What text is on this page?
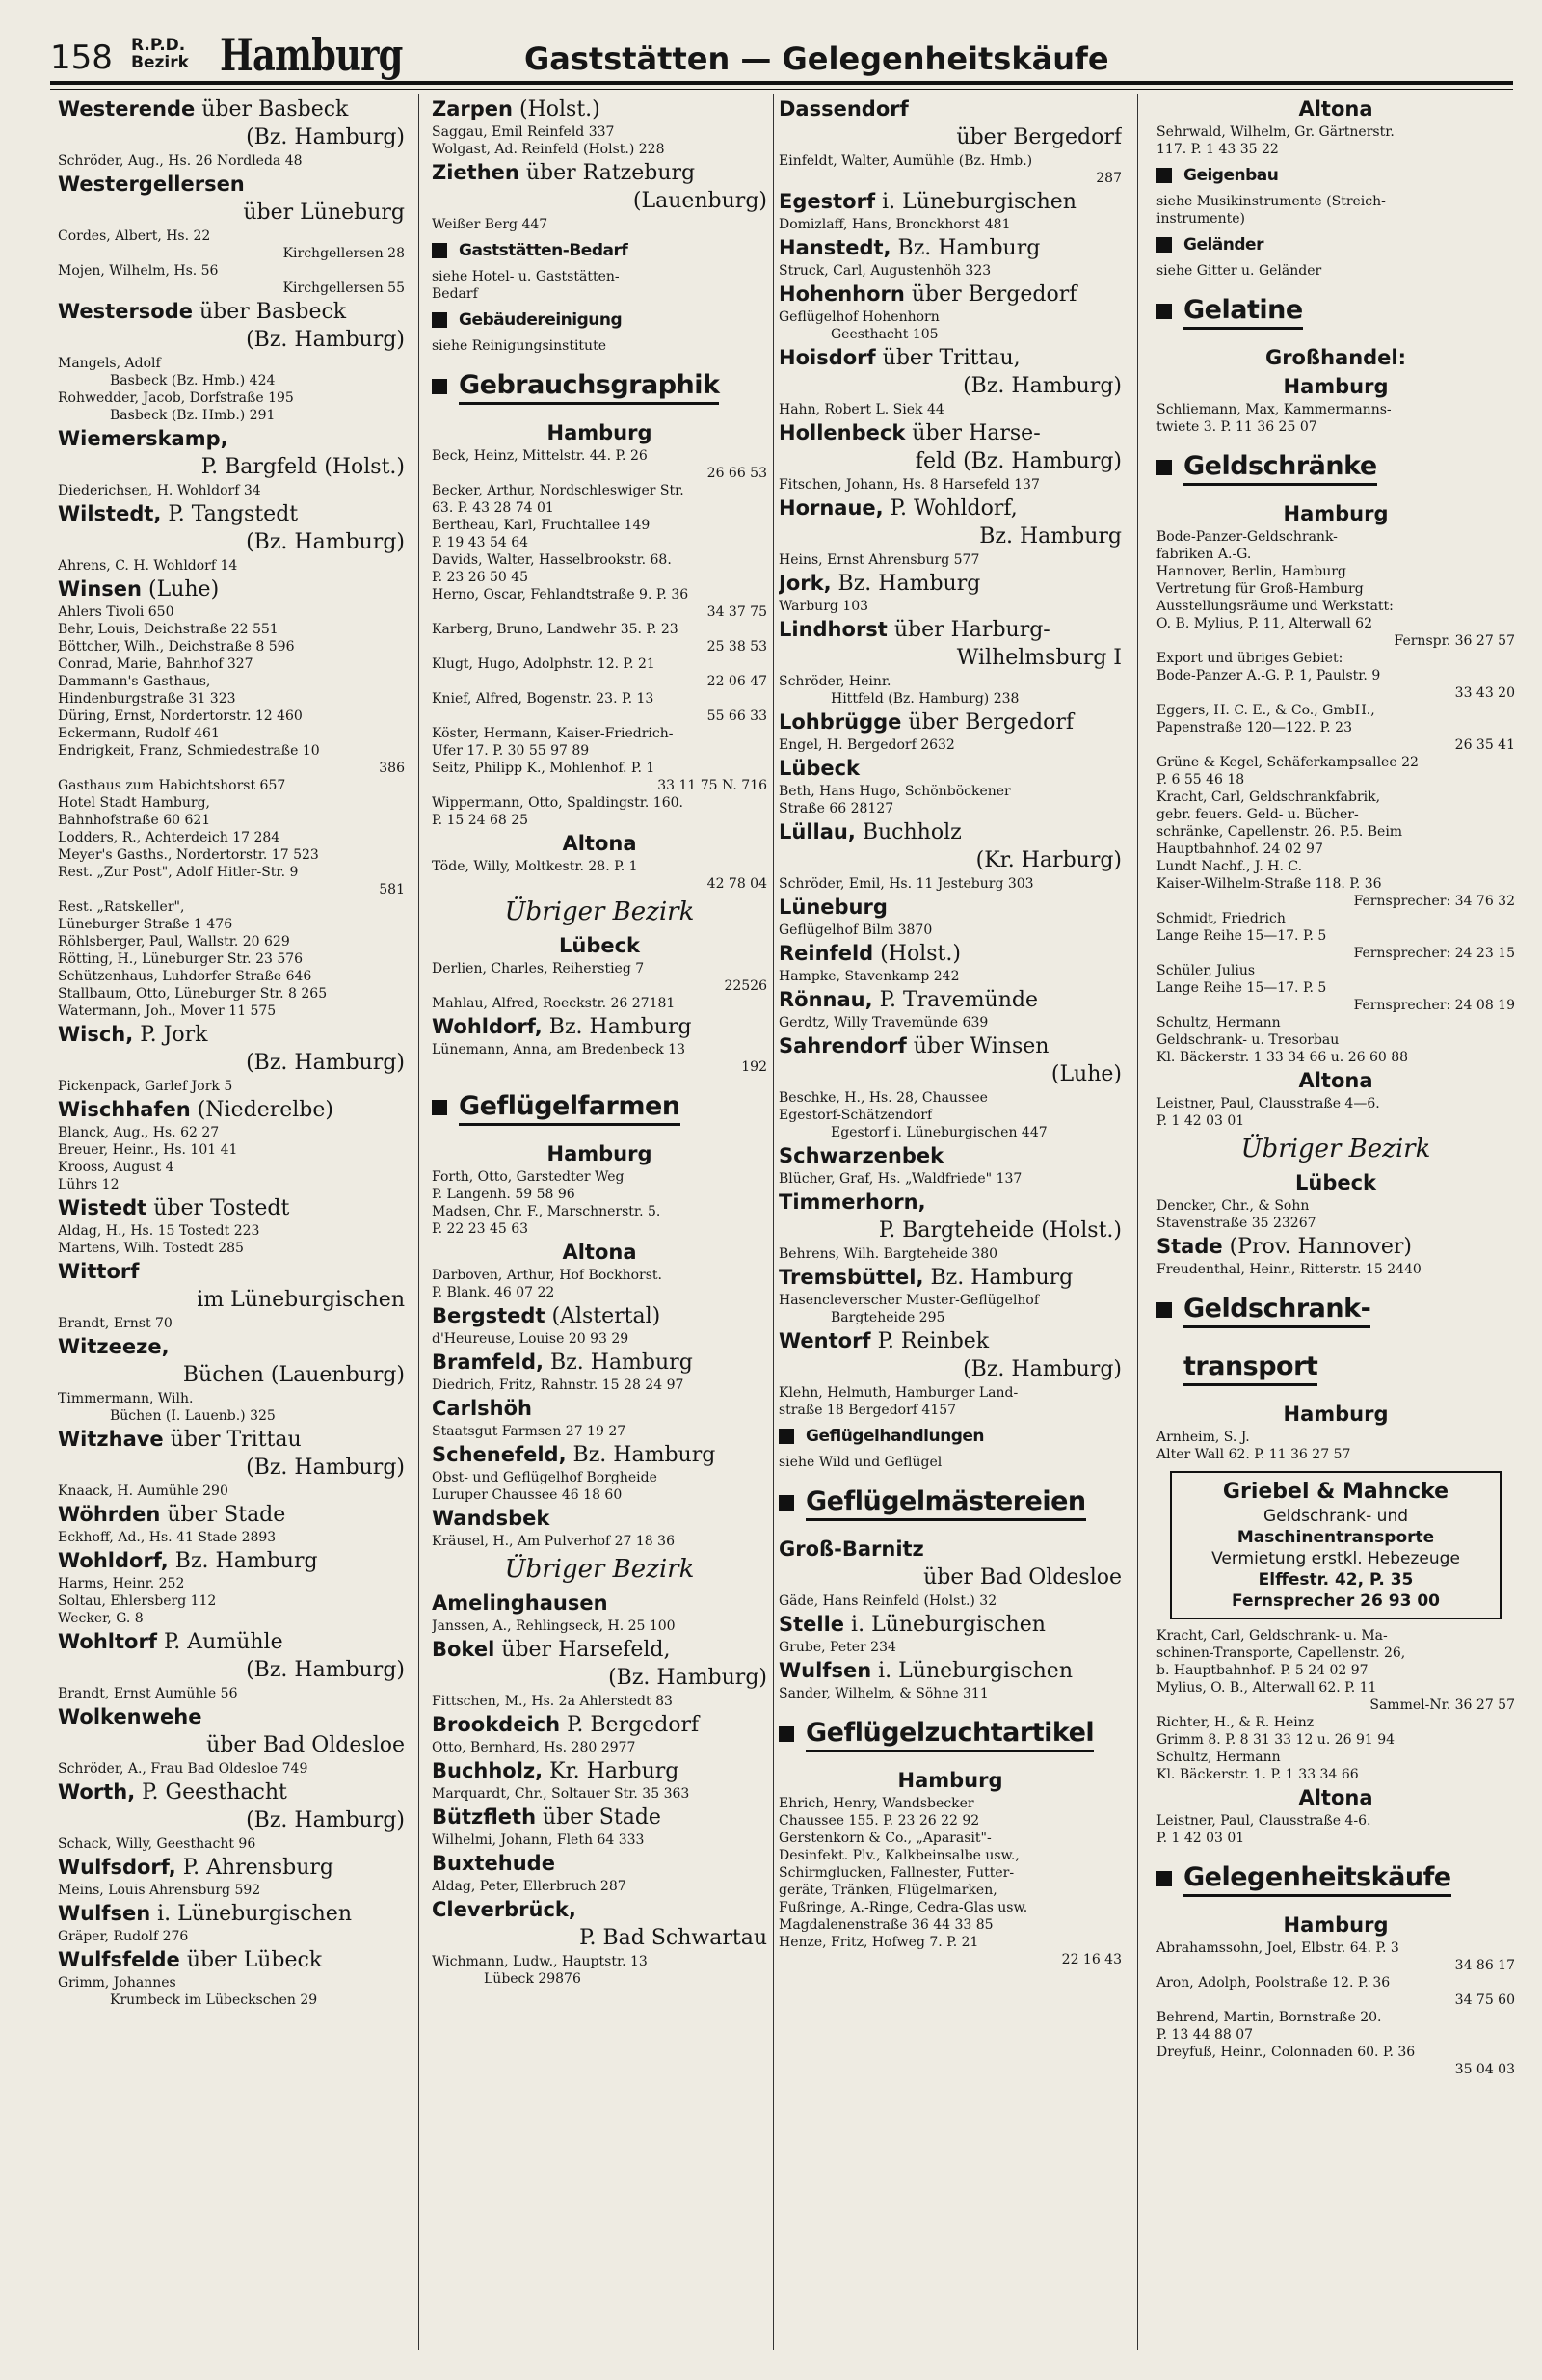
158 R.P.D.
Bezirk Hamburg	Gaststätten — Gelegenheitskäufe
Westerende über Basbeck
(Bz. Hamburg)
Schröder, Aug., Hs. 26 Nordleda 48
Westergellersen
über Lüneburg
Cordes, Albert, Hs. 22
Kirchgellersen 28
Mojen, Wilhelm, Hs. 56
Kirchgellersen 55
Westersode über Basbeck
(Bz. Hamburg)
Mangels, Adolf
Basbeck (Bz. Hmb.) 424
Rohwedder, Jacob, Dorfstraße 195
Basbeck (Bz. Hmb.) 291
Wiemerskamp,
P. Bargfeld (Holst.)
Diederichsen, H. Wohldorf 34
Wilstedt, P. Tangstedt
(Bz. Hamburg)
Ahrens, C. H. Wohldorf 14
Winsen (Luhe)
Ahlers Tivoli 650
Behr, Louis, Deichstraße 22 551
Böttcher, Wilh., Deichstraße 8 596
Conrad, Marie, Bahnhof 327
Dammann's Gasthaus,
Hindenburgstraße 31 323
Düring, Ernst, Nordertorstr. 12 460
Eckermann, Rudolf 461
Endrigkeit, Franz, Schmiedestraße 10
386
Gasthaus zum Habichtshorst 657
Hotel Stadt Hamburg,
Bahnhofstraße 60 621
Lodders, R., Achterdeich 17 284
Meyer's Gasths., Nordertorstr. 17 523
Rest. „Zur Post", Adolf Hitler-Str. 9
581
Rest. „Ratskeller",
Lüneburger Straße 1 476
Röhlsberger, Paul, Wallstr. 20 629
Rötting, H., Lüneburger Str. 23 576
Schützenhaus, Luhdorfer Straße 646
Stallbaum, Otto, Lüneburger Str. 8 265
Watermann, Joh., Mover 11 575
Wisch, P. Jork
(Bz. Hamburg)
Pickenpack, Garlef Jork 5
Wischhafen (Niederelbe)
Blanck, Aug., Hs. 62 27
Breuer, Heinr., Hs. 101 41
Krooss, August 4
Lührs 12
Wistedt über Tostedt
Aldag, H., Hs. 15 Tostedt 223
Martens, Wilh. Tostedt 285
Wittorf
im Lüneburgischen
Brandt, Ernst 70
Witzeeze,
Büchen (Lauenburg)
Timmermann, Wilh.
Büchen (I. Lauenb.) 325
Witzhave über Trittau
(Bz. Hamburg)
Knaack, H. Aumühle 290
Wöhrden über Stade
Eckhoff, Ad., Hs. 41 Stade 2893
Wohldorf, Bz. Hamburg
Harms, Heinr. 252
Soltau, Ehlersberg 112
Wecker, G. 8
Wohltorf P. Aumühle
(Bz. Hamburg)
Brandt, Ernst Aumühle 56
Wolkenwehe
über Bad Oldesloe
Schröder, A., Frau Bad Oldesloe 749
Worth, P. Geesthacht
(Bz. Hamburg)
Schack, Willy, Geesthacht 96
Wulfsdorf, P. Ahrensburg
Meins, Louis Ahrensburg 592
Wulfsen i. Lüneburgischen
Gräper, Rudolf 276
Wulfsfelde über Lübeck
Grimm, Johannes
Krumbeck im Lübeckschen 29
Zarpen (Holst.)
Saggau, Emil Reinfeld 337
Wolgast, Ad. Reinfeld (Holst.) 228
Ziethen über Ratzeburg
(Lauenburg)
Weißer Berg 447
Gaststätten-Bedarf
siehe Hotel- u. Gaststätten-
Bedarf
Gebäudereinigung
siehe Reinigungsinstitute
Gebrauchsgraphik
Hamburg
Beck, Heinz, Mittelstr. 44. P. 26
26 66 53
Becker, Arthur, Nordschleswiger Str.
63. P. 43 28 74 01
Bertheau, Karl, Fruchtallee 149
P. 19 43 54 64
Davids, Walter, Hasselbrookstr. 68.
P. 23 26 50 45
Herno, Oscar, Fehlandtstraße 9. P. 36
34 37 75
Karberg, Bruno, Landwehr 35. P. 23
25 38 53
Klugt, Hugo, Adolphstr. 12. P. 21
22 06 47
Knief, Alfred, Bogenstr. 23. P. 13
55 66 33
Köster, Hermann, Kaiser-Friedrich-
Ufer 17. P. 30 55 97 89
Seitz, Philipp K., Mohlenhof. P. 1
33 11 75 N. 716
Wippermann, Otto, Spaldingstr. 160.
P. 15 24 68 25
Altona
Töde, Willy, Moltkestr. 28. P. 1
42 78 04
Übriger Bezirk
Lübeck
Derlien, Charles, Reiherstieg 7
22526
Mahlau, Alfred, Roeckstr. 26 27181
Wohldorf, Bz. Hamburg
Lünemann, Anna, am Bredenbeck 13
192
Geflügelfarmen
Hamburg
Forth, Otto, Garstedter Weg
P. Langenh. 59 58 96
Madsen, Chr. F., Marschnerstr. 5.
P. 22 23 45 63
Altona
Darboven, Arthur, Hof Bockhorst.
P. Blank. 46 07 22
Bergstedt (Alstertal)
d'Heureuse, Louise 20 93 29
Bramfeld, Bz. Hamburg
Diedrich, Fritz, Rahnstr. 15 28 24 97
Carlshöh
Staatsgut Farmsen 27 19 27
Schenefeld, Bz. Hamburg
Obst- und Geflügelhof Borgheide
Luruper Chaussee 46 18 60
Wandsbek
Kräusel, H., Am Pulverhof 27 18 36
Übriger Bezirk
Amelinghausen
Janssen, A., Rehlingseck, H. 25 100
Bokel über Harsefeld,
(Bz. Hamburg)
Fittschen, M., Hs. 2a Ahlerstedt 83
Brookdeich P. Bergedorf
Otto, Bernhard, Hs. 280 2977
Buchholz, Kr. Harburg
Marquardt, Chr., Soltauer Str. 35 363
Bützfleth über Stade
Wilhelmi, Johann, Fleth 64 333
Buxtehude
Aldag, Peter, Ellerbruch 287
Cleverbrück,
P. Bad Schwartau
Wichmann, Ludw., Hauptstr. 13
Lübeck 29876
Dassendorf
über Bergedorf
Einfeldt, Walter, Aumühle (Bz. Hmb.)
287
Egestorf i. Lüneburgischen
Domizlaff, Hans, Bronckhorst 481
Hanstedt, Bz. Hamburg
Struck, Carl, Augustenhöh 323
Hohenhorn über Bergedorf
Geflügelhof Hohenhorn
Geesthacht 105
Hoisdorf über Trittau,
(Bz. Hamburg)
Hahn, Robert L. Siek 44
Hollenbeck über Harse-
feld (Bz. Hamburg)
Fitschen, Johann, Hs. 8 Harsefeld 137
Hornaue, P. Wohldorf,
Bz. Hamburg
Heins, Ernst Ahrensburg 577
Jork, Bz. Hamburg
Warburg 103
Lindhorst über Harburg-
Wilhelmsburg I
Schröder, Heinr.
Hittfeld (Bz. Hamburg) 238
Lohbrügge über Bergedorf
Engel, H. Bergedorf 2632
Lübeck
Beth, Hans Hugo, Schönböckener
Straße 66 28127
Lüllau, Buchholz
(Kr. Harburg)
Schröder, Emil, Hs. 11 Jesteburg 303
Lüneburg
Geflügelhof Bilm 3870
Reinfeld (Holst.)
Hampke, Stavenkamp 242
Rönnau, P. Travemünde
Gerdtz, Willy Travemünde 639
Sahrendorf über Winsen
(Luhe)
Beschke, H., Hs. 28, Chaussee
Egestorf-Schätzendorf
Egestorf i. Lüneburgischen 447
Schwarzenbek
Blücher, Graf, Hs. „Waldfriede" 137
Timmerhorn,
P. Bargteheide (Holst.)
Behrens, Wilh. Bargteheide 380
Tremsbüttel, Bz. Hamburg
Hasencleverscher Muster-Geflügelhof
Bargteheide 295
Wentorf P. Reinbek
(Bz. Hamburg)
Klehn, Helmuth, Hamburger Land-
straße 18 Bergedorf 4157
Geflügelhandlungen
siehe Wild und Geflügel
Geflügelmästereien
Groß-Barnitz
über Bad Oldesloe
Gäde, Hans Reinfeld (Holst.) 32
Stelle i. Lüneburgischen
Grube, Peter 234
Wulfsen i. Lüneburgischen
Sander, Wilhelm, & Söhne 311
Geflügelzuchtartikel
Hamburg
Ehrich, Henry, Wandsbecker
Chaussee 155. P. 23 26 22 92
Gerstenkorn & Co., „Aparasit"-
Desinfekt. Plv., Kalkbeinsalbe usw.,
Schirmglucken, Fallnester, Futter-
geräte, Tränken, Flügelmarken,
Fußringe, A.-Ringe, Cedra-Glas usw.
Magdalenenstraße 36 44 33 85
Henze, Fritz, Hofweg 7. P. 21
22 16 43
Altona
Sehrwald, Wilhelm, Gr. Gärtnerstr.
117. P. 1 43 35 22
Geigenbau
siehe Musikinstrumente (Streich-
instrumente)
Geländer
siehe Gitter u. Geländer
Gelatine
Großhandel:
Hamburg
Schliemann, Max, Kammermanns-
twiete 3. P. 11 36 25 07
Geldschränke
Hamburg
Bode-Panzer-Geldschrank-
fabriken A.-G.
Hannover, Berlin, Hamburg
Vertretung für Groß-Hamburg
Ausstellungsräume und Werkstatt:
O. B. Mylius, P. 11, Alterwall 62
Fernspr. 36 27 57
Export und übriges Gebiet:
Bode-Panzer A.-G. P. 1, Paulstr. 9
33 43 20
Eggers, H. C. E., & Co., GmbH.,
Papenstraße 120—122. P. 23
26 35 41
Grüne & Kegel, Schäferkampsallee 22
P. 6 55 46 18
Kracht, Carl, Geldschrankfabrik,
gebr. feuers. Geld- u. Bücher-
schränke, Capellenstr. 26. P.5. Beim
Hauptbahnhof. 24 02 97
Lundt Nachf., J. H. C.
Kaiser-Wilhelm-Straße 118. P. 36
Fernsprecher: 34 76 32
Schmidt, Friedrich
Lange Reihe 15—17. P. 5
Fernsprecher: 24 23 15
Schüler, Julius
Lange Reihe 15—17. P. 5
Fernsprecher: 24 08 19
Schultz, Hermann
Geldschrank- u. Tresorbau
Kl. Bäckerstr. 1 33 34 66 u. 26 60 88
Altona
Leistner, Paul, Clausstraße 4—6.
P. 1 42 03 01
Übriger Bezirk
Lübeck
Dencker, Chr., & Sohn
Stavenstraße 35 23267
Stade (Prov. Hannover)
Freudenthal, Heinr., Ritterstr. 15 2440
Geldschrank-
transport
Hamburg
Arnheim, S. J.
Alter Wall 62. P. 11 36 27 57
Griebel & Mahncke
Geldschrank- und
Maschinentransporte
Vermietung erstkl. Hebezeuge
Elffestr. 42, P. 35
Fernsprecher 26 93 00
Kracht, Carl, Geldschrank- u. Ma-
schinen-Transporte, Capellenstr. 26,
b. Hauptbahnhof. P. 5 24 02 97
Mylius, O. B., Alterwall 62. P. 11
Sammel-Nr. 36 27 57
Richter, H., & R. Heinz
Grimm 8. P. 8 31 33 12 u. 26 91 94
Schultz, Hermann
Kl. Bäckerstr. 1. P. 1 33 34 66
Altona
Leistner, Paul, Clausstraße 4-6.
P. 1 42 03 01
Gelegenheitskäufe
Hamburg
Abrahamssohn, Joel, Elbstr. 64. P. 3
34 86 17
Aron, Adolph, Poolstraße 12. P. 36
34 75 60
Behrend, Martin, Bornstraße 20.
P. 13 44 88 07
Dreyfuß, Heinr., Colonnaden 60. P. 36
35 04 03
